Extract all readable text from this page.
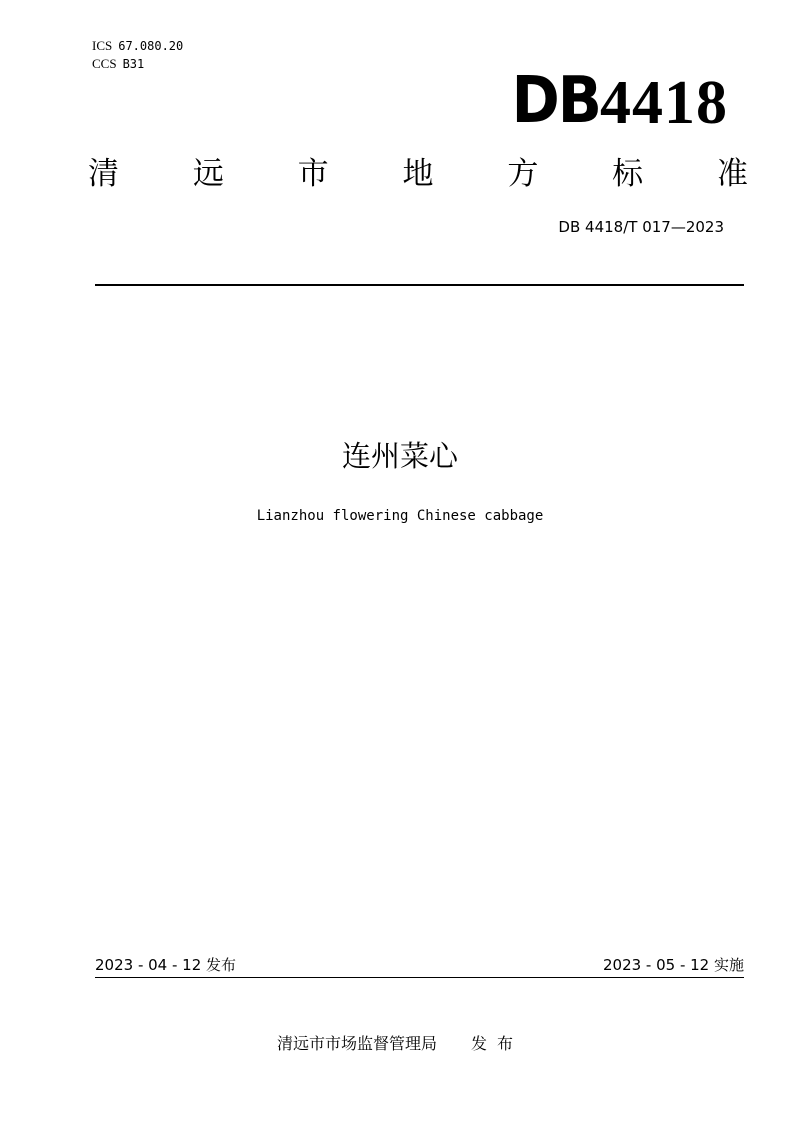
ICS 67.080.20
CCS B31	DB 4418
清 远 市 地 方 标 准
DB 4418/T 017—2023
连州菜心
Lianzhou flowering Chinese cabbage
2023 - 04 - 12 发布	2023 - 05 - 12 实施
清远市市场监督管理局 发布
